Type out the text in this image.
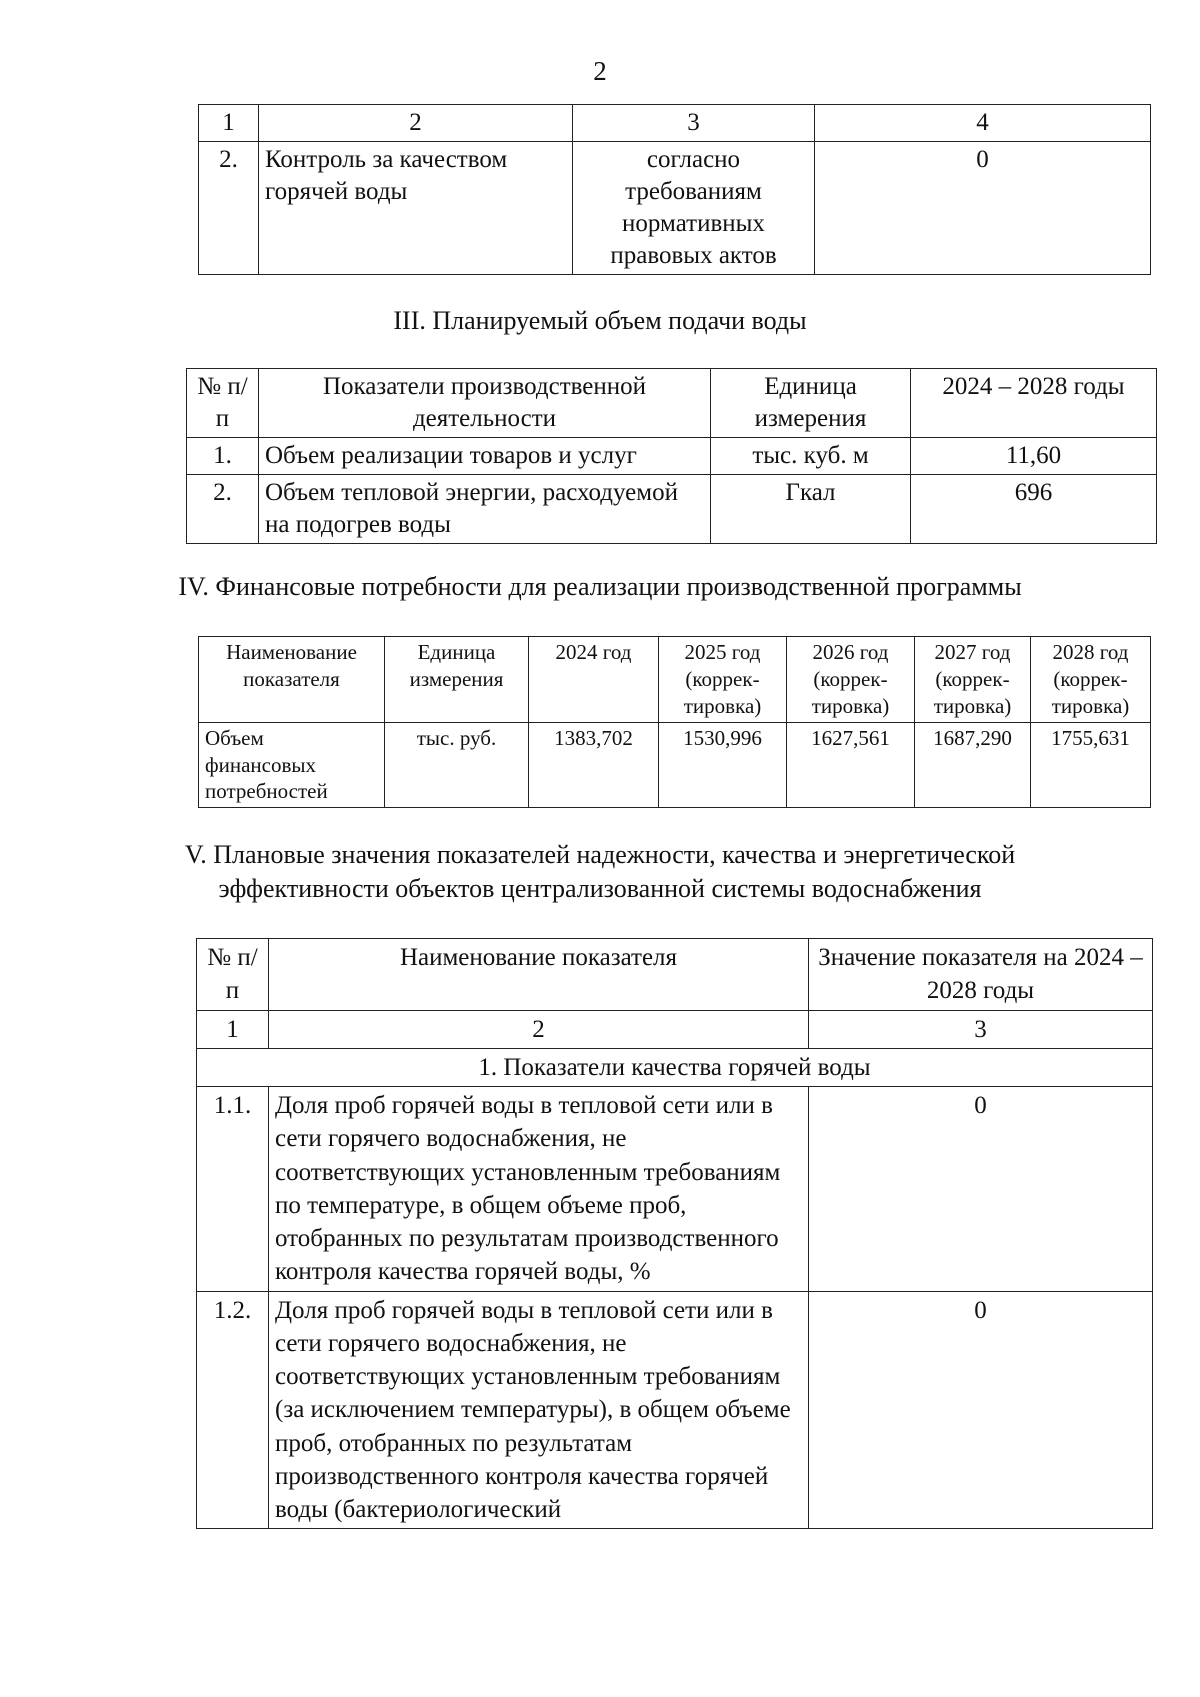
2
1	2	3	4
2.	Контроль за качеством горячей воды	согласно требованиям нормативных правовых актов	0
III. Планируемый объем подачи воды
№ п/п	Показатели производственной деятельности	Единица измерения	2024 – 2028 годы
1.	Объем реализации товаров и услуг	тыс. куб. м	11,60
2.	Объем тепловой энергии, расходуемой на подогрев воды	Гкал	696
IV. Финансовые потребности для реализации производственной программы
Наименование показателя	Единица измерения	2024 год	2025 год (коррек-тировка)	2026 год (коррек-тировка)	2027 год (коррек-тировка)	2028 год (коррек-тировка)
Объем финансовых потребностей	тыс. руб.	1383,702	1530,996	1627,561	1687,290	1755,631
V. Плановые значения показателей надежности, качества и энергетической
эффективности объектов централизованной системы водоснабжения
№ п/п	Наименование показателя	Значение показателя на 2024 – 2028 годы
1	2	3
1. Показатели качества горячей воды		
1.1.	Доля проб горячей воды в тепловой сети или в сети горячего водоснабжения, не соответствующих установленным требованиям по температуре, в общем объеме проб, отобранных по результатам производственного контроля качества горячей воды, %	0
1.2.	Доля проб горячей воды в тепловой сети или в сети горячего водоснабжения, не соответствующих установленным требованиям (за исключением температуры), в общем объеме проб, отобранных по результатам производственного контроля качества горячей воды (бактериологический	0
